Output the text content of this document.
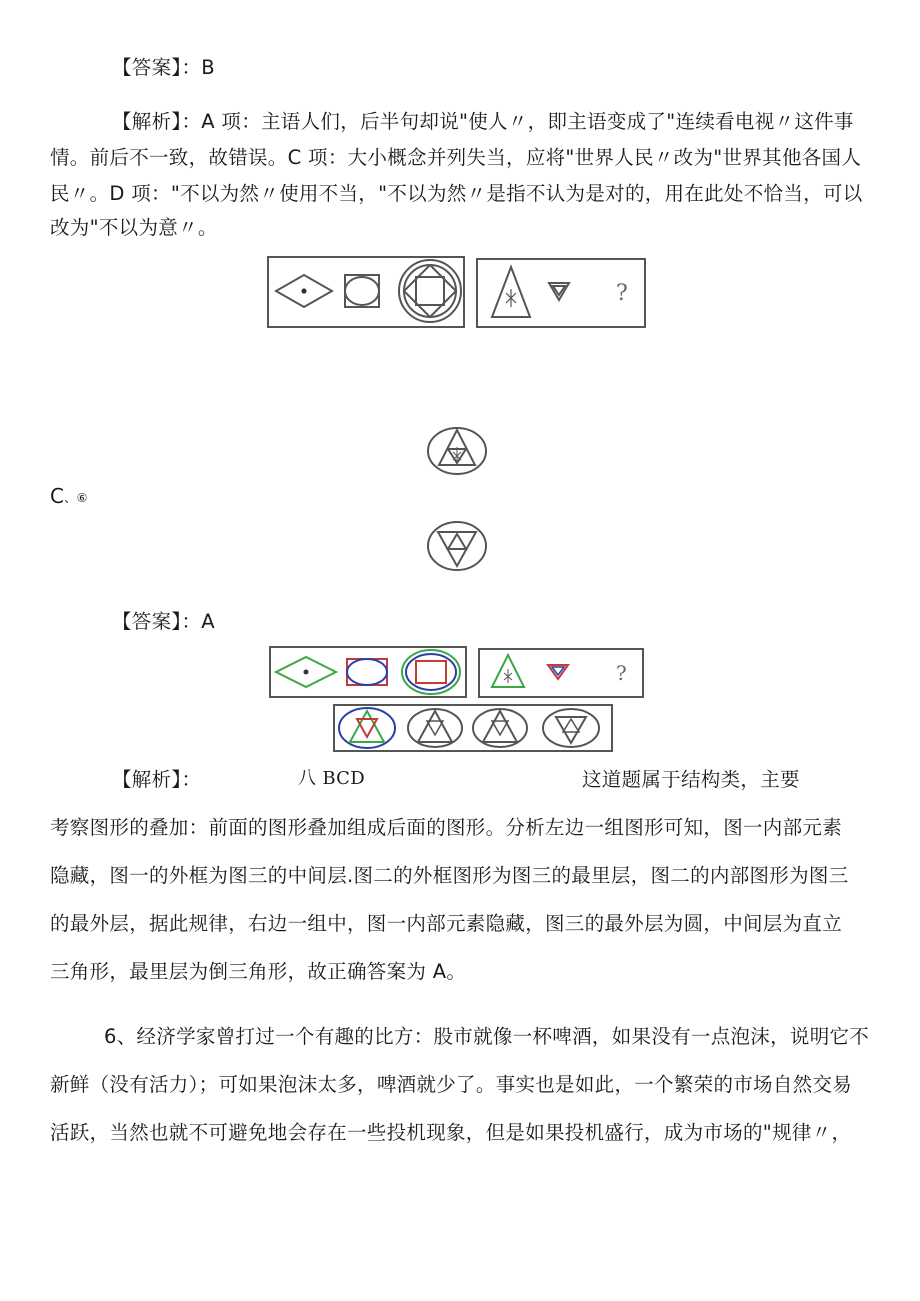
【答案】：B
【解析】：A 项：主语人们，后半句却说"使人〃，即主语变成了"连续看电视〃这件事
情。前后不一致，故错误。C 项：大小概念并列失当，应将"世界人民〃改为"世界其他各国人
民〃。D 项："不以为然〃使用不当，"不以为然〃是指不认为是对的，用在此处不恰当，可以
改为"不以为意〃。
?
C、⑥
【答案】：A
?
【解析】：	八 BCD	这道题属于结构类，主要
考察图形的叠加：前面的图形叠加组成后面的图形。分析左边一组图形可知，图一内部元素
隐藏，图一的外框为图三的中间层.图二的外框图形为图三的最里层，图二的内部图形为图三
的最外层，据此规律，右边一组中，图一内部元素隐藏，图三的最外层为圆，中间层为直立
三角形，最里层为倒三角形，故正确答案为 A。
6、经济学家曾打过一个有趣的比方：股市就像一杯啤酒，如果没有一点泡沫，说明它不
新鲜（没有活力）；可如果泡沫太多，啤酒就少了。事实也是如此，一个繁荣的市场自然交易
活跃，当然也就不可避免地会存在一些投机现象，但是如果投机盛行，成为市场的"规律〃，
